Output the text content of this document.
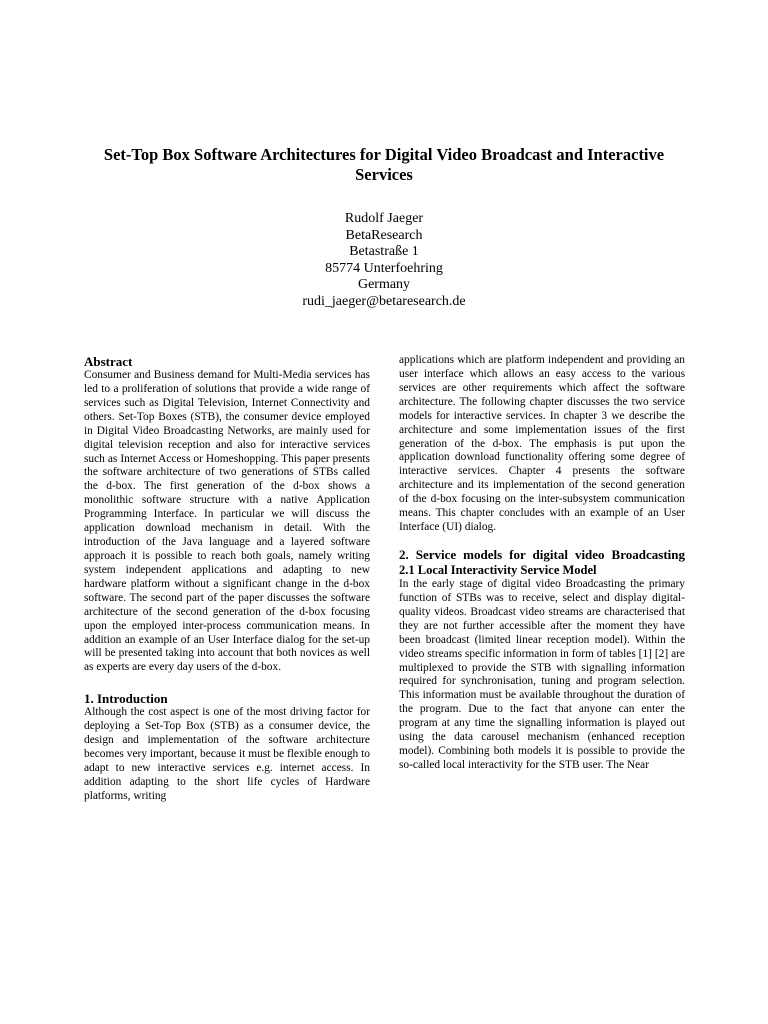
Set-Top Box Software Architectures for Digital Video Broadcast and Interactive Services
Rudolf Jaeger
BetaResearch
Betastraße 1
85774 Unterfoehring
Germany
rudi_jaeger@betaresearch.de
Abstract

Consumer and Business demand for Multi-Media services has led to a proliferation of solutions that provide a wide range of services such as Digital Television, Internet Connectivity and others. Set-Top Boxes (STB), the consumer device employed in Digital Video Broadcasting Networks, are mainly used for digital television reception and also for interactive services such as Internet Access or Homeshopping. This paper presents the software architecture of two generations of STBs called the d-box. The first generation of the d-box shows a monolithic software structure with a native Application Programming Interface. In particular we will discuss the application download mechanism in detail. With the introduction of the Java language and a layered software approach it is possible to reach both goals, namely writing system independent applications and adapting to new hardware platform without a significant change in the d-box software. The second part of the paper discusses the software architecture of the second generation of the d-box focusing upon the employed inter-process communication means. In addition an example of an User Interface dialog for the set-up will be presented taking into account that both novices as well as experts are every day users of the d-box.

1. Introduction

Although the cost aspect is one of the most driving factor for deploying a Set-Top Box (STB) as a consumer device, the design and implementation of the software architecture becomes very important, because it must be flexible enough to adapt to new interactive services e.g. internet access. In addition adapting to the short life cycles of Hardware platforms, writing

applications which are platform independent and providing an user interface which allows an easy access to the various services are other requirements which affect the software architecture. The following chapter discusses the two service models for interactive services. In chapter 3 we describe the architecture and some implementation issues of the first generation of the d-box. The emphasis is put upon the application download functionality offering some degree of interactive services. Chapter 4 presents the software architecture and its implementation of the second generation of the d-box focusing on the inter-subsystem communication means. This chapter concludes with an example of an User Interface (UI) dialog.

2. Service models for digital video Broadcasting
2.1 Local Interactivity Service Model

In the early stage of digital video Broadcasting the primary function of STBs was to receive, select and display digital-quality videos. Broadcast video streams are characterised that they are not further accessible after the moment they have been broadcast (limited linear reception model). Within the video streams specific information in form of tables [1] [2] are multiplexed to provide the STB with signalling information required for synchronisation, tuning and program selection. This information must be available throughout the duration of the program. Due to the fact that anyone can enter the program at any time the signalling information is played out using the data carousel mechanism (enhanced reception model). Combining both models it is possible to provide the so-called local interactivity for the STB user. The Near
